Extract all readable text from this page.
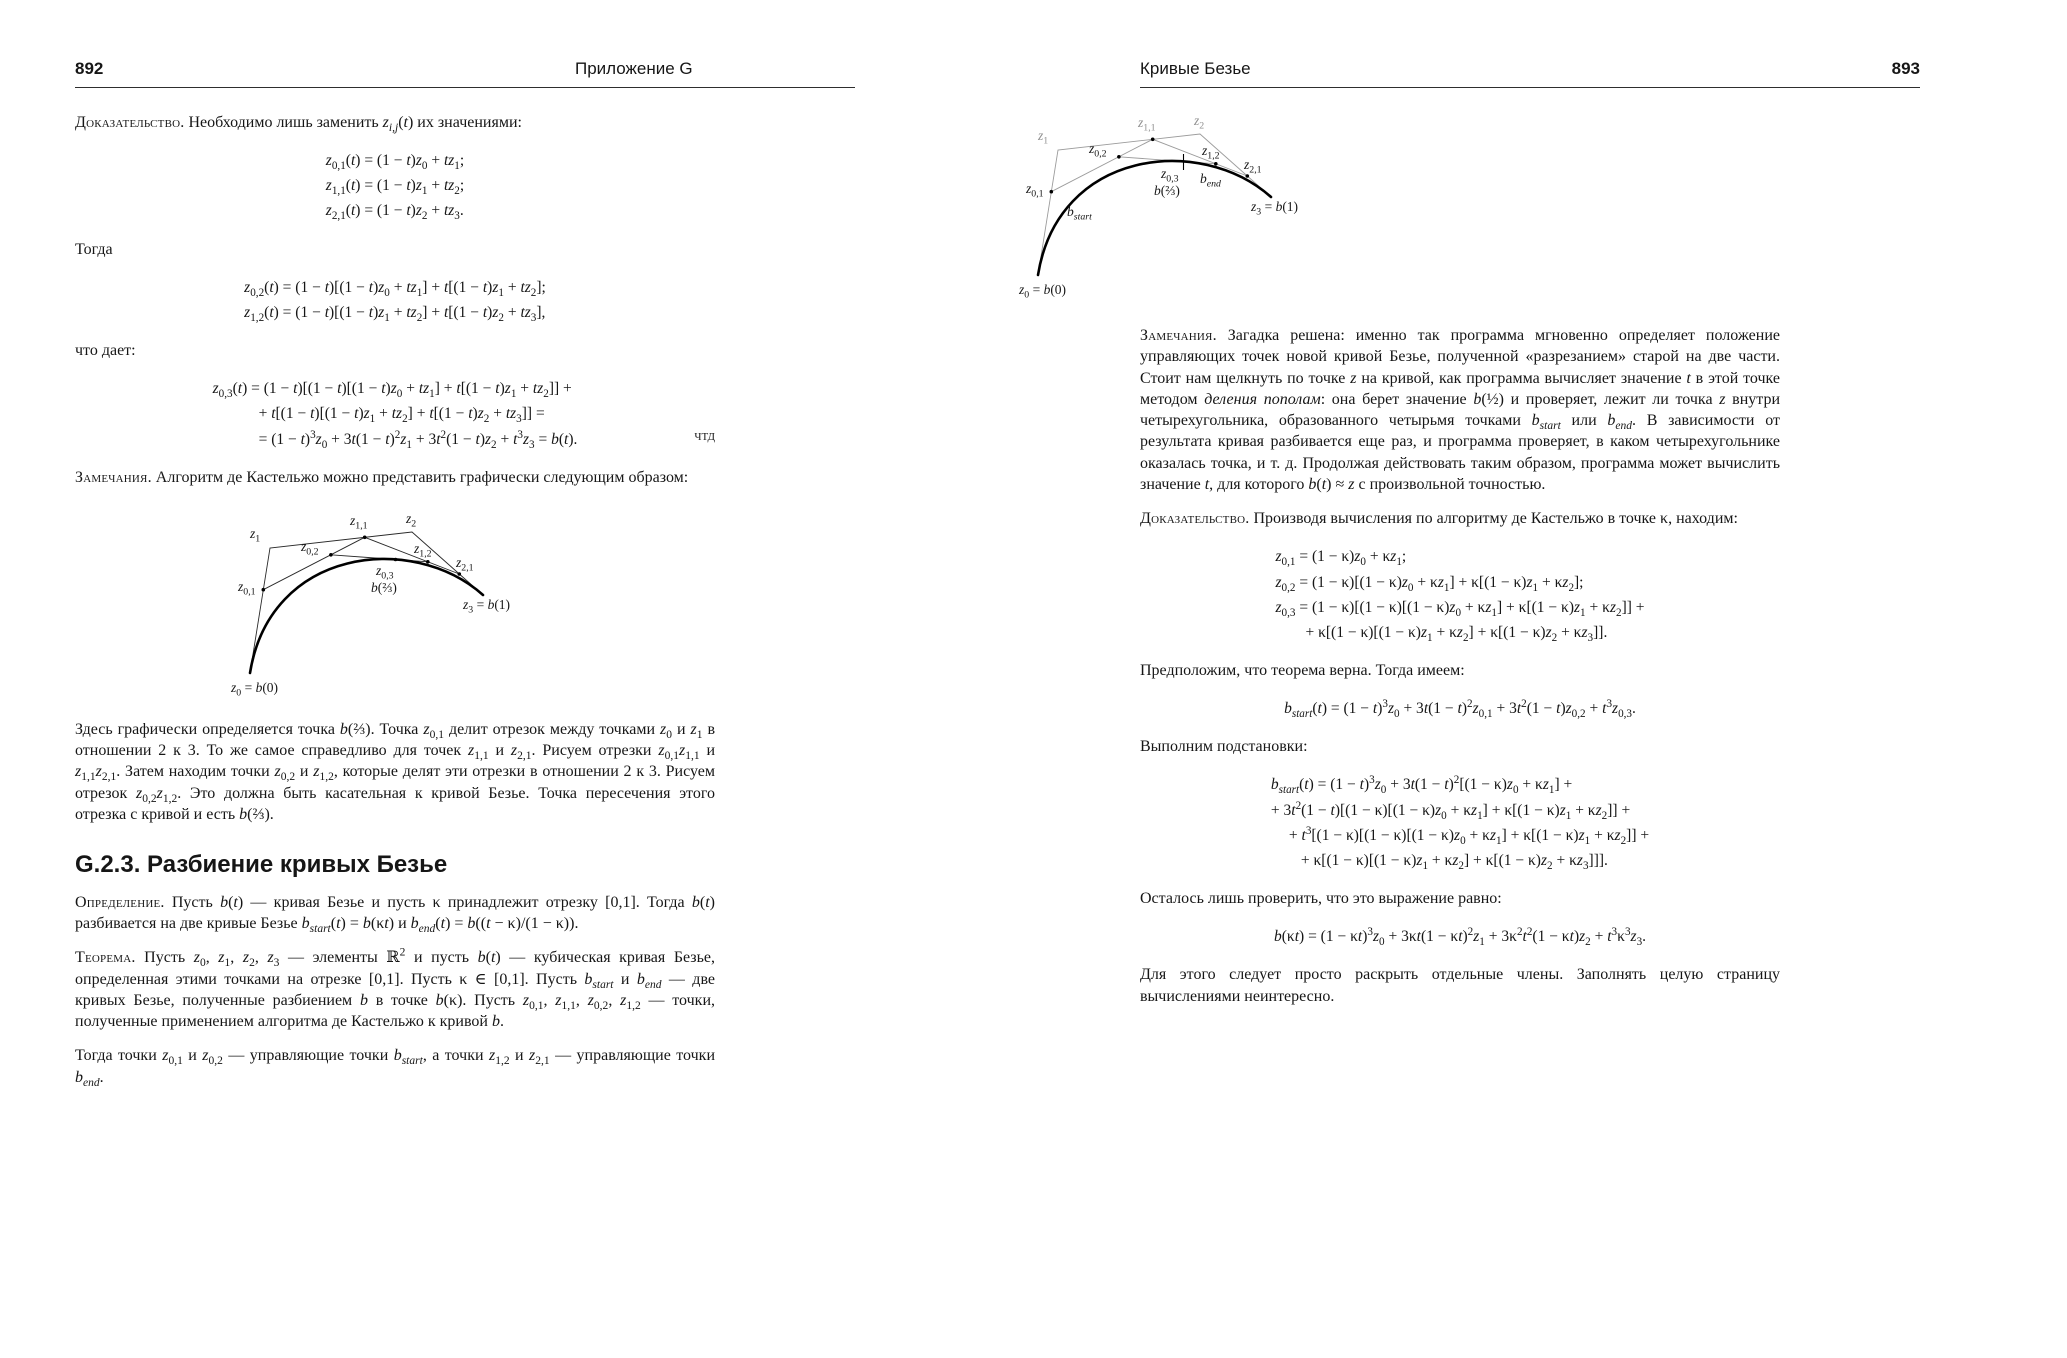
892	Приложение G

Доказательство. Необходимо лишь заменить $z_{i,j}(t)$ их значениями:

$z_{0,1}(t) = (1 - t)z_0 + tz_1$;
$z_{1,1}(t) = (1 - t)z_1 + tz_2$;
$z_{2,1}(t) = (1 - t)z_2 + tz_3$.

Тогда

$z_{0,2}(t) = (1 - t)[(1 - t)z_0 + tz_1] + t[(1 - t)z_1 + tz_2]$;
$z_{1,2}(t) = (1 - t)[(1 - t)z_1 + tz_2] + t[(1 - t)z_2 + tz_3]$,

что дает:

$z_{0,3}(t) = (1 - t)[(1 - t)[(1 - t)z_0 + tz_1] + t[(1 - t)z_1 + tz_2]]$ +
+ $t[(1 - t)[(1 - t)z_1 + tz_2] + t[(1 - t)z_2 + tz_3]]$ =
= $(1 - t)^3z_0 + 3t(1 - t)^2z_1 + 3t^2(1 - t)z_2 + t^3z_3 = b(t)$.	чтд

Замечания. Алгоритм де Кастельжо можно представить графически следующим образом:

$z_1$
$z_{1,1}$
$z_2$
$z_{0,2}$	$z_{1,2}$
$z_{2,1}$
$z_{0,3}$
b(⅔)
$z_{0,1}$
$z_3 = b(1)$
$z_0 = b(0)$

Здесь графически определяется точка b(⅔). Точка $z_{0,1}$ делит отрезок между точками $z_0$ и $z_1$ в отношении 2 к 3. То же самое справедливо для точек $z_{1,1}$ и $z_{2,1}$. Рисуем отрезки $z_{0,1}z_{1,1}$ и $z_{1,1}z_{2,1}$. Затем находим точки $z_{0,2}$ и $z_{1,2}$, которые делят эти отрезки в отношении 2 к 3. Рисуем отрезок $z_{0,2}z_{1,2}$. Это должна быть касательная к кривой Безье. Точка пересечения этого отрезка с кривой и есть b(⅔).

G.2.3. Разбиение кривых Безье

Определение. Пусть b(t) — кривая Безье и пусть κ принадлежит отрезку [0,1]. Тогда b(t) разбивается на две кривые Безье $b_{start}(t) = b(\kappa t)$ и $b_{end}(t) = b((t - \kappa)/(1 - \kappa))$.

Теорема. Пусть $z_0$, $z_1$, $z_2$, $z_3$ — элементы ℝ$^2$ и пусть b(t) — кубическая кривая Безье, определенная этими точками на отрезке [0,1]. Пусть κ ∈ [0,1]. Пусть $b_{start}$ и $b_{end}$ — две кривых Безье, полученные разбиением b в точке b(κ). Пусть $z_{0,1}$, $z_{1,1}$, $z_{0,2}$, $z_{1,2}$ — точки, полученные применением алгоритма де Кастельжо к кривой b.

Тогда точки $z_{0,1}$ и $z_{0,2}$ — управляющие точки $b_{start}$, а точки $z_{1,2}$ и $z_{2,1}$ — управляющие точки $b_{end}$.

Кривые Безье	893
$z_1$
$z_{1,1}$
$z_2$
$z_{0,2}$	$z_{1,2}$
$z_{2,1}$
$z_{0,3}$
b(⅔)
$b_{end}$
$z_{0,1}$
$b_{start}$
$z_3 = b(1)$
$z_0 = b(0)$

Замечания. Загадка решена: именно так программа мгновенно определяет положение управляющих точек новой кривой Безье, полученной «разрезанием» старой на две части. Стоит нам щелкнуть по точке z на кривой, как программа вычисляет значение t в этой точке методом деления пополам: она берет значение b(½) и проверяет, лежит ли точка z внутри четырехугольника, образованного четырьмя точками $b_{start}$ или $b_{end}$. В зависимости от результата кривая разбивается еще раз, и программа проверяет, в каком четырехугольнике оказалась точка, и т. д. Продолжая действовать таким образом, программа может вычислить значение t, для которого b(t) ≈ z с произвольной точностью.

Доказательство. Производя вычисления по алгоритму де Кастельжо в точке κ, находим:

$z_{0,1} = (1 - \kappa)z_0 + \kappa z_1$;
$z_{0,2} = (1 - \kappa)[(1 - \kappa)z_0 + \kappa z_1] + \kappa[(1 - \kappa)z_1 + \kappa z_2]$;
$z_{0,3} = (1 - \kappa)[(1 - \kappa)[(1 - \kappa)z_0 + \kappa z_1] + \kappa[(1 - \kappa)z_1 + \kappa z_2]]$ +
+ $\kappa[(1 - \kappa)[(1 - \kappa)z_1 + \kappa z_2] + \kappa[(1 - \kappa)z_2 + \kappa z_3]]$.

Предположим, что теорема верна. Тогда имеем:

$b_{start}(t) = (1 - t)^3z_0 + 3t(1 - t)^2z_{0,1} + 3t^2(1 - t)z_{0,2} + t^3z_{0,3}$.

Выполним подстановки:

$b_{start}(t) = (1 - t)^3z_0 + 3t(1 - t)^2[(1 - \kappa)z_0 + \kappa z_1]$ +
+ $3t^2(1 - t)[(1 - \kappa)[(1 - \kappa)z_0 + \kappa z_1] + \kappa[(1 - \kappa)z_1 + \kappa z_2]]$ +
+ $t^3[(1 - \kappa)[(1 - \kappa)[(1 - \kappa)z_0 + \kappa z_1] + \kappa[(1 - \kappa)z_1 + \kappa z_2]]$ +
+ $\kappa[(1 - \kappa)[(1 - \kappa)z_1 + \kappa z_2] + \kappa[(1 - \kappa)z_2 + \kappa z_3]]$].

Осталось лишь проверить, что это выражение равно:

$b(\kappa t) = (1 - \kappa t)^3z_0 + 3\kappa t(1 - \kappa t)^2z_1 + 3\kappa^2t^2(1 - \kappa t)z_2 + t^3\kappa^3z_3$.

Для этого следует просто раскрыть отдельные члены. Заполнять целую страницу вычислениями неинтересно.
